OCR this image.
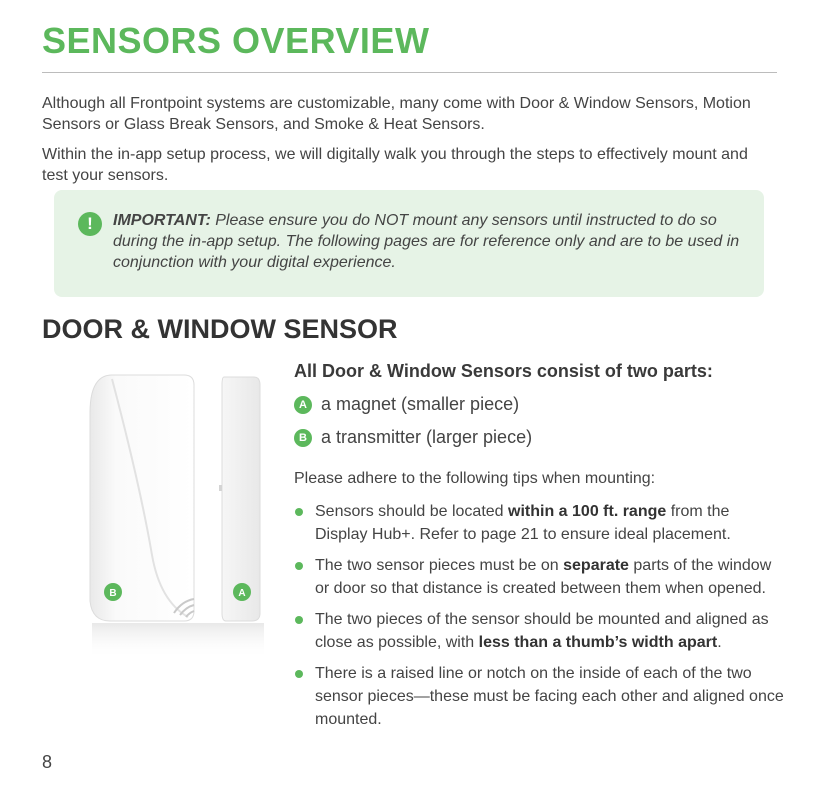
SENSORS OVERVIEW

Although all Frontpoint systems are customizable, many come with Door & Window Sensors, Motion Sensors or Glass Break Sensors, and Smoke & Heat Sensors.

Within the in-app setup process, we will digitally walk you through the steps to effectively mount and test your sensors.

!	IMPORTANT: Please ensure you do NOT mount any sensors until instructed to do so during the in-app setup. The following pages are for reference only and are to be used in conjunction with your digital experience.

DOOR & WINDOW SENSOR
B	A

All Door & Window Sensors consist of two parts:

A a magnet (smaller piece)
B a transmitter (larger piece)

Please adhere to the following tips when mounting:

Sensors should be located within a 100 ft. range from the Display Hub+. Refer to page 21 to ensure ideal placement.
The two sensor pieces must be on separate parts of the window or door so that distance is created between them when opened.
The two pieces of the sensor should be mounted and aligned as close as possible, with less than a thumb’s width apart.
There is a raised line or notch on the inside of each of the two sensor pieces—these must be facing each other and aligned once mounted.
8
